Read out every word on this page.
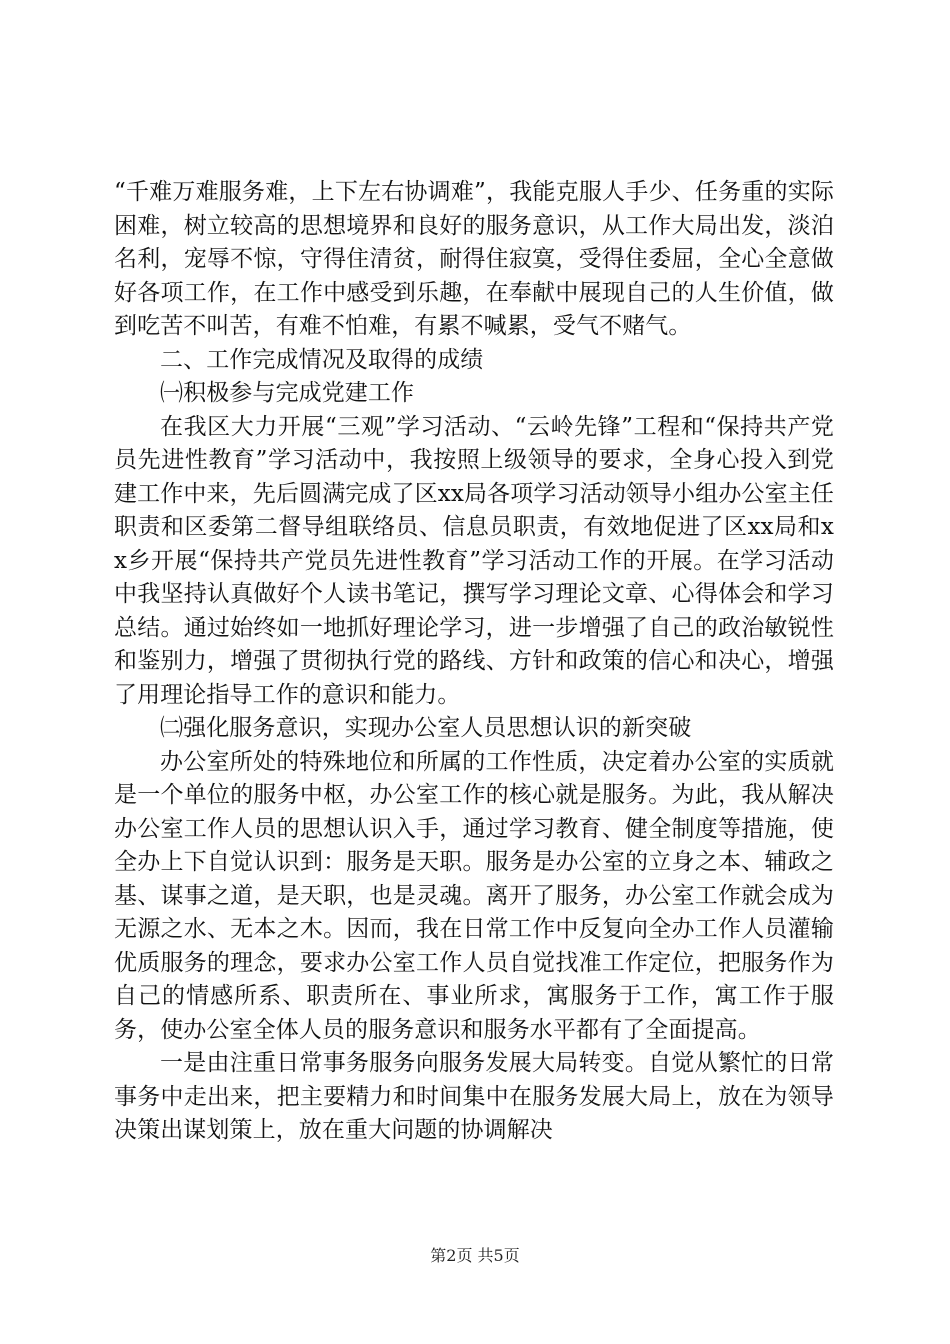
“千难万难服务难，上下左右协调难”，我能克服人手少、任务重的实际困难，树立较高的思想境界和良好的服务意识，从工作大局出发，淡泊名利，宠辱不惊，守得住清贫，耐得住寂寞，受得住委屈，全心全意做好各项工作，在工作中感受到乐趣，在奉献中展现自己的人生价值，做到吃苦不叫苦，有难不怕难，有累不喊累，受气不赌气。

二、工作完成情况及取得的成绩

㈠积极参与完成党建工作

在我区大力开展“三观”学习活动、“云岭先锋”工程和“保持共产党员先进性教育”学习活动中，我按照上级领导的要求，全身心投入到党建工作中来，先后圆满完成了区xx局各项学习活动领导小组办公室主任职责和区委第二督导组联络员、信息员职责，有效地促进了区xx局和xx乡开展“保持共产党员先进性教育”学习活动工作的开展。在学习活动中我坚持认真做好个人读书笔记，撰写学习理论文章、心得体会和学习总结。通过始终如一地抓好理论学习，进一步增强了自己的政治敏锐性和鉴别力，增强了贯彻执行党的路线、方针和政策的信心和决心，增强了用理论指导工作的意识和能力。

㈡强化服务意识，实现办公室人员思想认识的新突破

办公室所处的特殊地位和所属的工作性质，决定着办公室的实质就是一个单位的服务中枢，办公室工作的核心就是服务。为此，我从解决办公室工作人员的思想认识入手，通过学习教育、健全制度等措施，使全办上下自觉认识到：服务是天职。服务是办公室的立身之本、辅政之基、谋事之道，是天职，也是灵魂。离开了服务，办公室工作就会成为无源之水、无本之木。因而，我在日常工作中反复向全办工作人员灌输优质服务的理念，要求办公室工作人员自觉找准工作定位，把服务作为自己的情感所系、职责所在、事业所求，寓服务于工作，寓工作于服务，使办公室全体人员的服务意识和服务水平都有了全面提高。

一是由注重日常事务服务向服务发展大局转变。自觉从繁忙的日常事务中走出来，把主要精力和时间集中在服务发展大局上，放在为领导决策出谋划策上，放在重大问题的协调解决

第2页 共5页
